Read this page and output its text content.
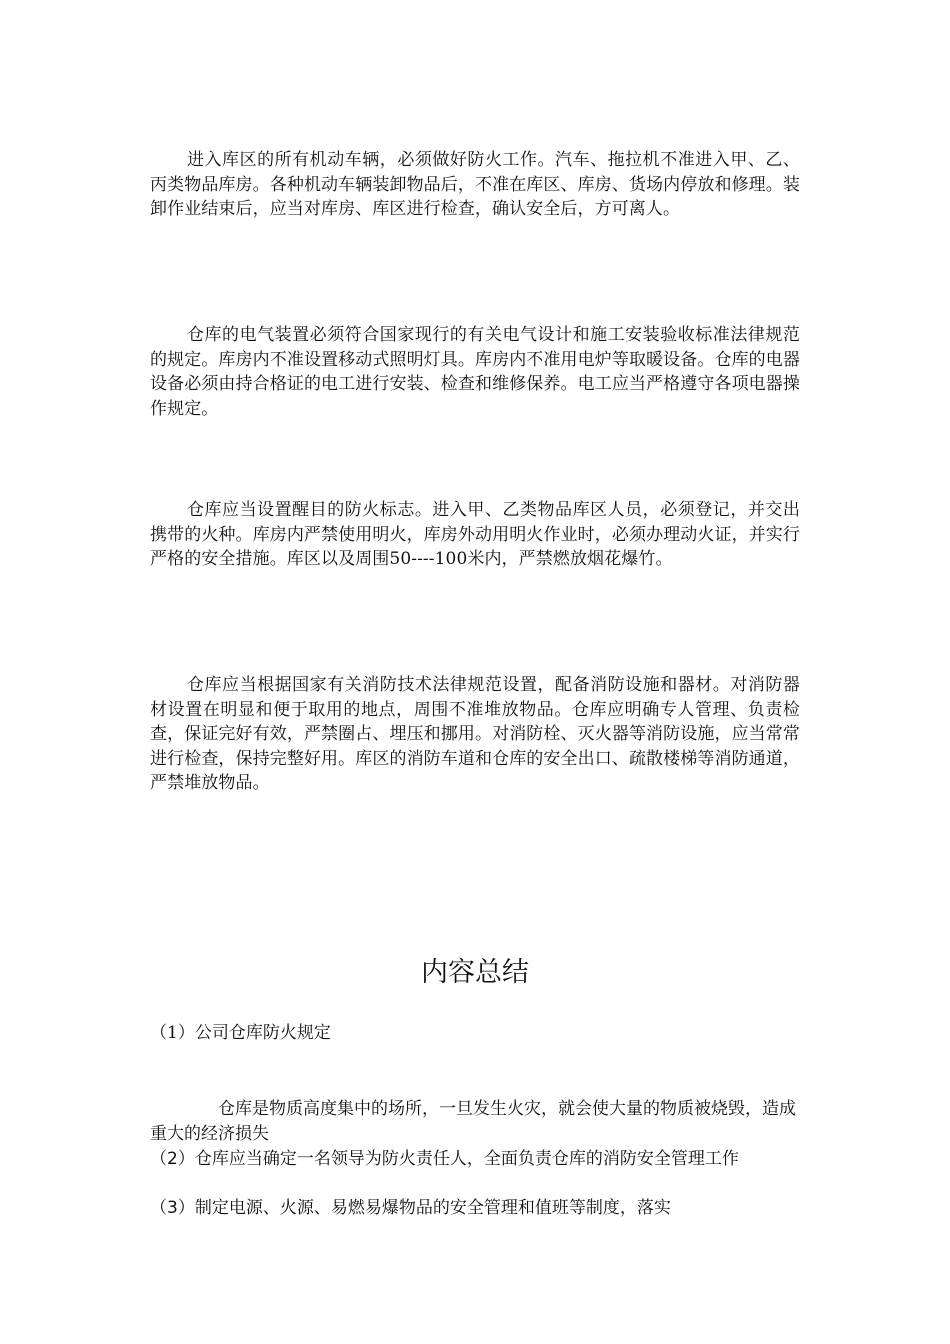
进入库区的所有机动车辆，必须做好防火工作。汽车、拖拉机不准进入甲、乙、丙类物品库房。各种机动车辆装卸物品后，不准在库区、库房、货场内停放和修理。装卸作业结束后，应当对库房、库区进行检查，确认安全后，方可离人。

仓库的电气装置必须符合国家现行的有关电气设计和施工安装验收标准法律规范的规定。库房内不准设置移动式照明灯具。库房内不准用电炉等取暖设备。仓库的电器设备必须由持合格证的电工进行安装、检查和维修保养。电工应当严格遵守各项电器操作规定。

仓库应当设置醒目的防火标志。进入甲、乙类物品库区人员，必须登记，并交出携带的火种。库房内严禁使用明火，库房外动用明火作业时，必须办理动火证，并实行严格的安全措施。库区以及周围50----100米内，严禁燃放烟花爆竹。

仓库应当根据国家有关消防技术法律规范设置，配备消防设施和器材。对消防器材设置在明显和便于取用的地点，周围不准堆放物品。仓库应明确专人管理、负责检查，保证完好有效，严禁圈占、埋压和挪用。对消防栓、灭火器等消防设施，应当常常进行检查，保持完整好用。库区的消防车道和仓库的安全出口、疏散楼梯等消防通道，严禁堆放物品。

内容总结

（1）公司仓库防火规定

仓库是物质高度集中的场所，一旦发生火灾，就会使大量的物质被烧毁，造成重大的经济损失

（2）仓库应当确定一名领导为防火责任人，全面负责仓库的消防安全管理工作

（3）制定电源、火源、易燃易爆物品的安全管理和值班等制度，落实
